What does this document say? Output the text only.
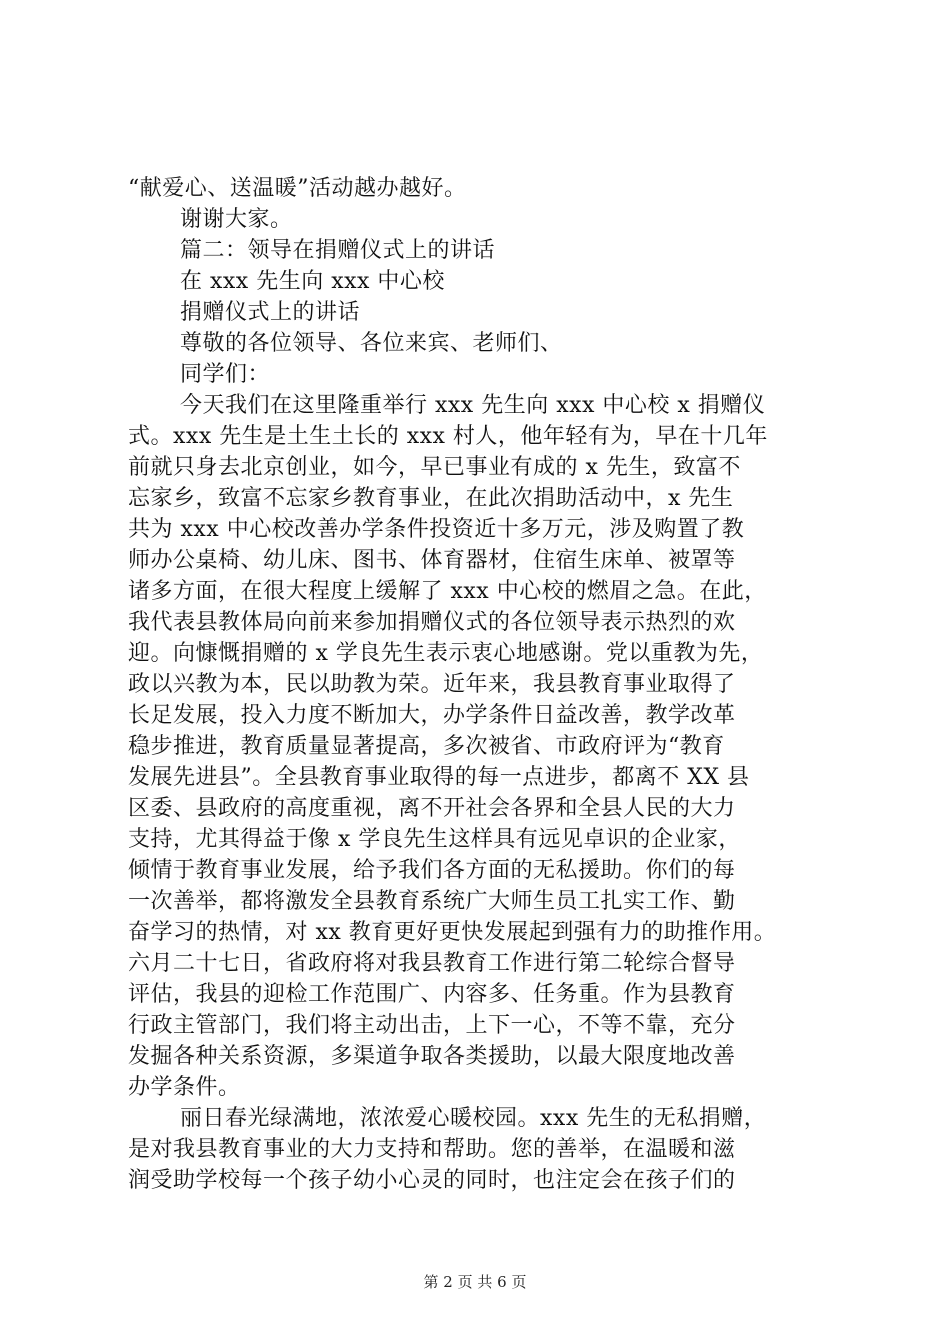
“献爱心、送温暖”活动越办越好。
谢谢大家。
篇二：领导在捐赠仪式上的讲话
在 xxx 先生向 xxx 中心校
捐赠仪式上的讲话
尊敬的各位领导、各位来宾、老师们、
同学们：
今天我们在这里隆重举行 xxx 先生向 xxx 中心校 x 捐赠仪
式。xxx 先生是土生土长的 xxx 村人，他年轻有为，早在十几年
前就只身去北京创业，如今，早已事业有成的 x 先生，致富不
忘家乡，致富不忘家乡教育事业，在此次捐助活动中，x 先生
共为 xxx 中心校改善办学条件投资近十多万元，涉及购置了教
师办公桌椅、幼儿床、图书、体育器材，住宿生床单、被罩等
诸多方面，在很大程度上缓解了 xxx 中心校的燃眉之急。在此，
我代表县教体局向前来参加捐赠仪式的各位领导表示热烈的欢
迎。向慷慨捐赠的 x 学良先生表示衷心地感谢。党以重教为先，
政以兴教为本，民以助教为荣。近年来，我县教育事业取得了
长足发展，投入力度不断加大，办学条件日益改善，教学改革
稳步推进，教育质量显著提高，多次被省、市政府评为“教育
发展先进县”。全县教育事业取得的每一点进步，都离不 XX 县
区委、县政府的高度重视，离不开社会各界和全县人民的大力
支持，尤其得益于像 x 学良先生这样具有远见卓识的企业家，
倾情于教育事业发展，给予我们各方面的无私援助。你们的每
一次善举，都将激发全县教育系统广大师生员工扎实工作、勤
奋学习的热情，对 xx 教育更好更快发展起到强有力的助推作用。
六月二十七日，省政府将对我县教育工作进行第二轮综合督导
评估，我县的迎检工作范围广、内容多、任务重。作为县教育
行政主管部门，我们将主动出击，上下一心，不等不靠，充分
发掘各种关系资源，多渠道争取各类援助，以最大限度地改善
办学条件。
丽日春光绿满地，浓浓爱心暖校园。xxx 先生的无私捐赠，
是对我县教育事业的大力支持和帮助。您的善举，在温暖和滋
润受助学校每一个孩子幼小心灵的同时，也注定会在孩子们的
第 2 页 共 6 页
